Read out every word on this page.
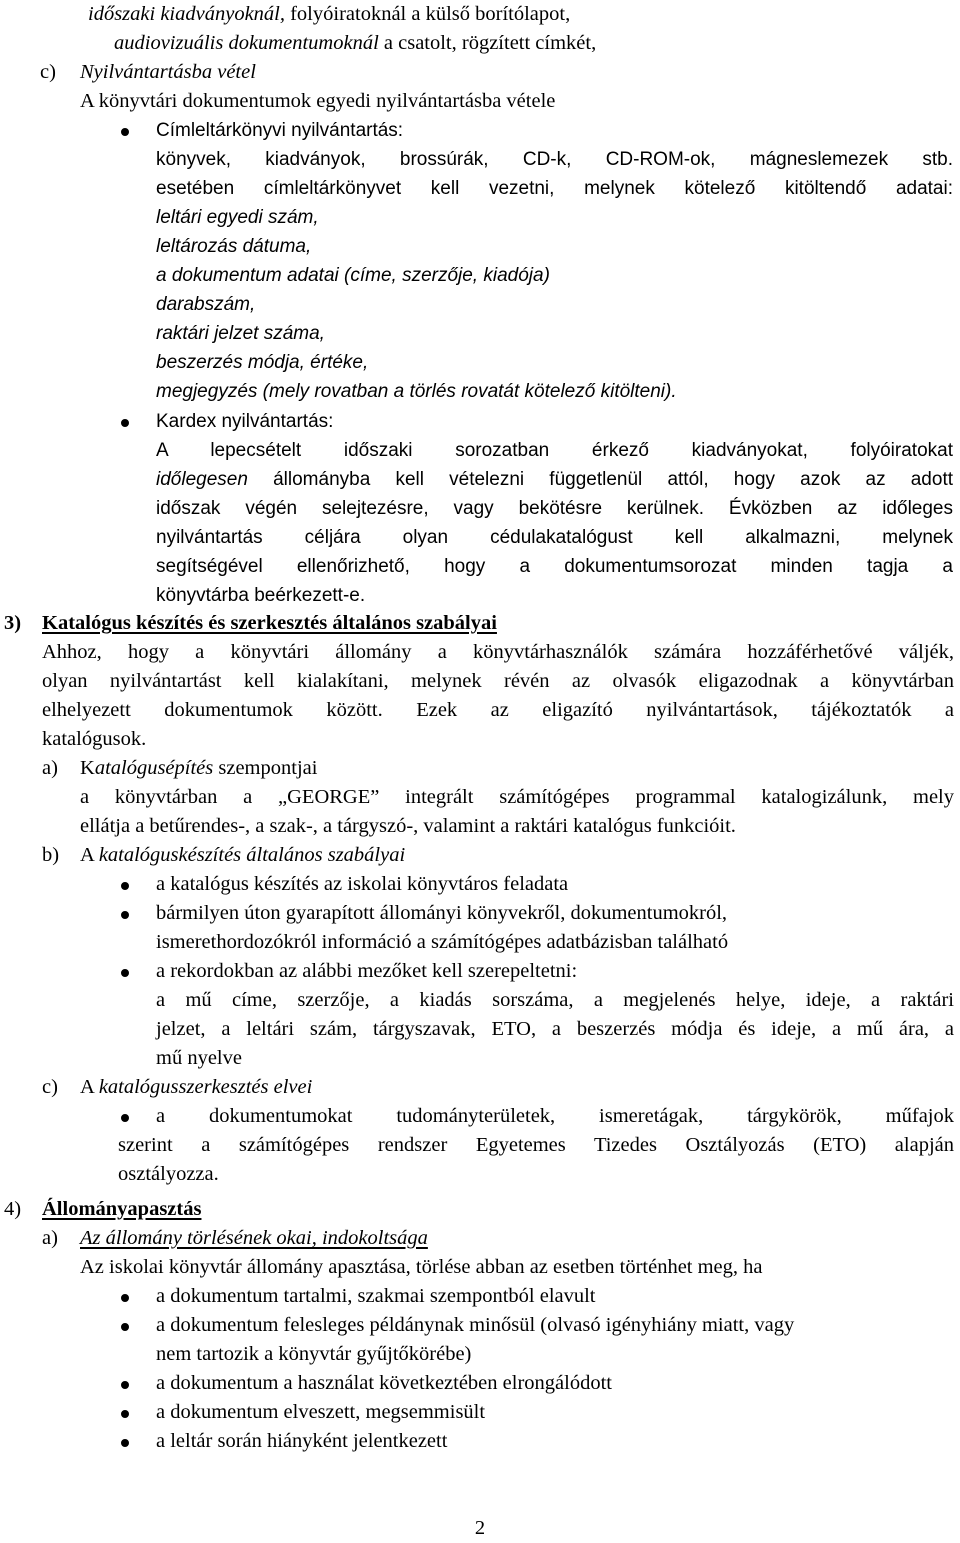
időszaki kiadványoknál, folyóiratoknál a külső borítólapot,
audiovizuális dokumentumoknál a csatolt, rögzített címkét,
c) Nyilvántartásba vétel
A könyvtári dokumentumok egyedi nyilvántartásba vétele
Címleltárkönyvi nyilvántartás:
könyvek, kiadványok, brossúrák, CD-k, CD-ROM-ok, mágneslemezek stb.
esetében címleltárkönyvet kell vezetni, melynek kötelező kitöltendő adatai:
leltári egyedi szám,
leltározás dátuma,
a dokumentum adatai (címe, szerzője, kiadója)
darabszám,
raktári jelzet száma,
beszerzés módja, értéke,
megjegyzés (mely rovatban a törlés rovatát kötelező kitölteni).
Kardex nyilvántartás:
A lepecsételt időszaki sorozatban érkező kiadványokat, folyóiratokat
időlegesen állományba kell vételezni függetlenül attól, hogy azok az adott
időszak végén selejtezésre, vagy bekötésre kerülnek. Évközben az időleges
nyilvántartás céljára olyan cédulakatalógust kell alkalmazni, melynek
segítségével ellenőrizhető, hogy a dokumentumsorozat minden tagja a
könyvtárba beérkezett-e.
3) Katalógus készítés és szerkesztés általános szabályai
Ahhoz, hogy a könyvtári állomány a könyvtárhasználók számára hozzáférhetővé váljék,
olyan nyilvántartást kell kialakítani, melynek révén az olvasók eligazodnak a könyvtárban
elhelyezett dokumentumok között. Ezek az eligazító nyilvántartások, tájékoztatók a
katalógusok.
a) Katalógusépítés szempontjai
a könyvtárban a „GEORGE” integrált számítógépes programmal katalogizálunk, mely
ellátja a betűrendes-, a szak-, a tárgyszó-, valamint a raktári katalógus funkcióit.
b) A katalóguskészítés általános szabályai
a katalógus készítés az iskolai könyvtáros feladata
bármilyen úton gyarapított állományi könyvekről, dokumentumokról,
ismerethordozókról információ a számítógépes adatbázisban található
a rekordokban az alábbi mezőket kell szerepeltetni:
a mű címe, szerzője, a kiadás sorszáma, a megjelenés helye, ideje, a raktári
jelzet, a leltári szám, tárgyszavak, ETO, a beszerzés módja és ideje, a mű ára, a
mű nyelve
c) A katalógusszerkesztés elvei
a dokumentumokat tudományterületek, ismeretágak, tárgykörök, műfajok
szerint a számítógépes rendszer Egyetemes Tizedes Osztályozás (ETO) alapján
osztályozza.
4) Állományapasztás
a) Az állomány törlésének okai, indokoltsága
Az iskolai könyvtár állomány apasztása, törlése abban az esetben történhet meg, ha
a dokumentum tartalmi, szakmai szempontból elavult
a dokumentum felesleges példánynak minősül (olvasó igényhiány miatt, vagy
nem tartozik a könyvtár gyűjtőkörébe)
a dokumentum a használat következtében elrongálódott
a dokumentum elveszett, megsemmisült
a leltár során hiányként jelentkezett
2
